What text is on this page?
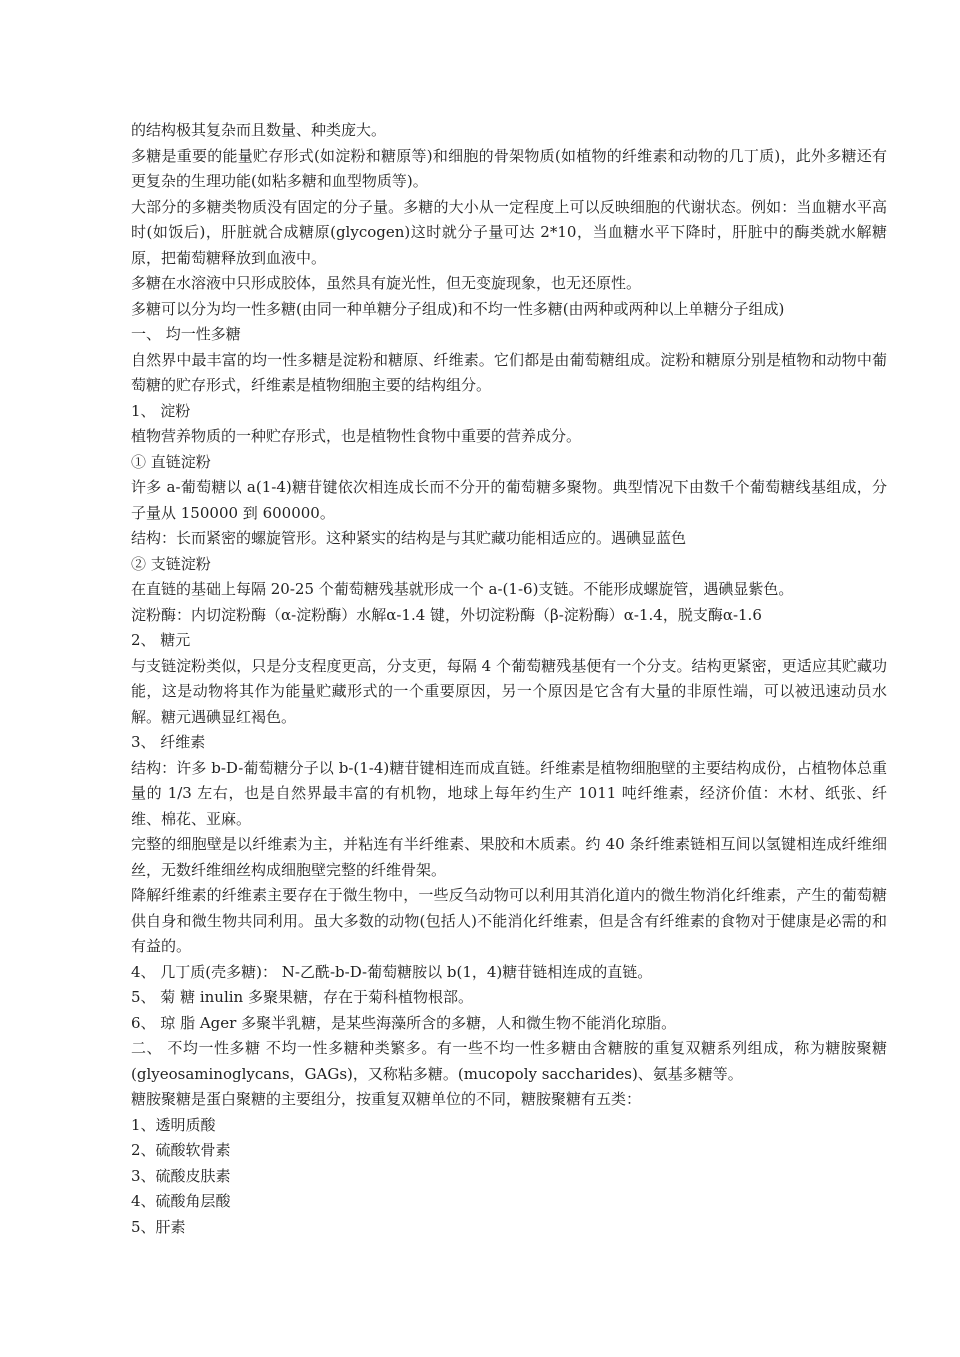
的结构极其复杂而且数量、种类庞大。

多糖是重要的能量贮存形式(如淀粉和糖原等)和细胞的骨架物质(如植物的纤维素和动物的几丁质)，此外多糖还有更复杂的生理功能(如粘多糖和血型物质等)。

大部分的多糖类物质没有固定的分子量。多糖的大小从一定程度上可以反映细胞的代谢状态。例如：当血糖水平高时(如饭后)，肝脏就合成糖原(glycogen)这时就分子量可达 2*10，当血糖水平下降时，肝脏中的酶类就水解糖原，把葡萄糖释放到血液中。

多糖在水溶液中只形成胶体，虽然具有旋光性，但无变旋现象，也无还原性。

多糖可以分为均一性多糖(由同一种单糖分子组成)和不均一性多糖(由两种或两种以上单糖分子组成)

一、 均一性多糖

自然界中最丰富的均一性多糖是淀粉和糖原、纤维素。它们都是由葡萄糖组成。淀粉和糖原分别是植物和动物中葡萄糖的贮存形式，纤维素是植物细胞主要的结构组分。

1、 淀粉

植物营养物质的一种贮存形式，也是植物性食物中重要的营养成分。

① 直链淀粉

许多 a-葡萄糖以 a(1-4)糖苷键依次相连成长而不分开的葡萄糖多聚物。典型情况下由数千个葡萄糖线基组成，分子量从 150000 到 600000。

结构：长而紧密的螺旋管形。这种紧实的结构是与其贮藏功能相适应的。遇碘显蓝色

② 支链淀粉

在直链的基础上每隔 20-25 个葡萄糖残基就形成一个 a-(1-6)支链。不能形成螺旋管，遇碘显紫色。

淀粉酶：内切淀粉酶（α-淀粉酶）水解α-1.4 键，外切淀粉酶（β-淀粉酶）α-1.4，脱支酶α-1.6

2、 糖元

与支链淀粉类似，只是分支程度更高，分支更，每隔 4 个葡萄糖残基便有一个分支。结构更紧密，更适应其贮藏功能，这是动物将其作为能量贮藏形式的一个重要原因，另一个原因是它含有大量的非原性端，可以被迅速动员水解。糖元遇碘显红褐色。

3、 纤维素

结构：许多 b-D-葡萄糖分子以 b-(1-4)糖苷键相连而成直链。纤维素是植物细胞壁的主要结构成份，占植物体总重量的 1/3 左右，也是自然界最丰富的有机物，地球上每年约生产 1011 吨纤维素，经济价值：木材、纸张、纤维、棉花、亚麻。

完整的细胞壁是以纤维素为主，并粘连有半纤维素、果胶和木质素。约 40 条纤维素链相互间以氢键相连成纤维细丝，无数纤维细丝构成细胞壁完整的纤维骨架。

降解纤维素的纤维素主要存在于微生物中，一些反刍动物可以利用其消化道内的微生物消化纤维素，产生的葡萄糖供自身和微生物共同利用。虽大多数的动物(包括人)不能消化纤维素，但是含有纤维素的食物对于健康是必需的和有益的。

4、 几丁质(壳多糖)： N-乙酰-b-D-葡萄糖胺以 b(1，4)糖苷链相连成的直链。

5、 菊 糖 inulin 多聚果糖，存在于菊科植物根部。

6、 琼 脂 Ager 多聚半乳糖，是某些海藻所含的多糖，人和微生物不能消化琼脂。

二、 不均一性多糖 不均一性多糖种类繁多。有一些不均一性多糖由含糖胺的重复双糖系列组成，称为糖胺聚糖(glyeosaminoglycans，GAGs)，又称粘多糖。(mucopoly saccharides)、氨基多糖等。

糖胺聚糖是蛋白聚糖的主要组分，按重复双糖单位的不同，糖胺聚糖有五类：

1、透明质酸

2、硫酸软骨素

3、硫酸皮肤素

4、硫酸角层酸

5、肝素
